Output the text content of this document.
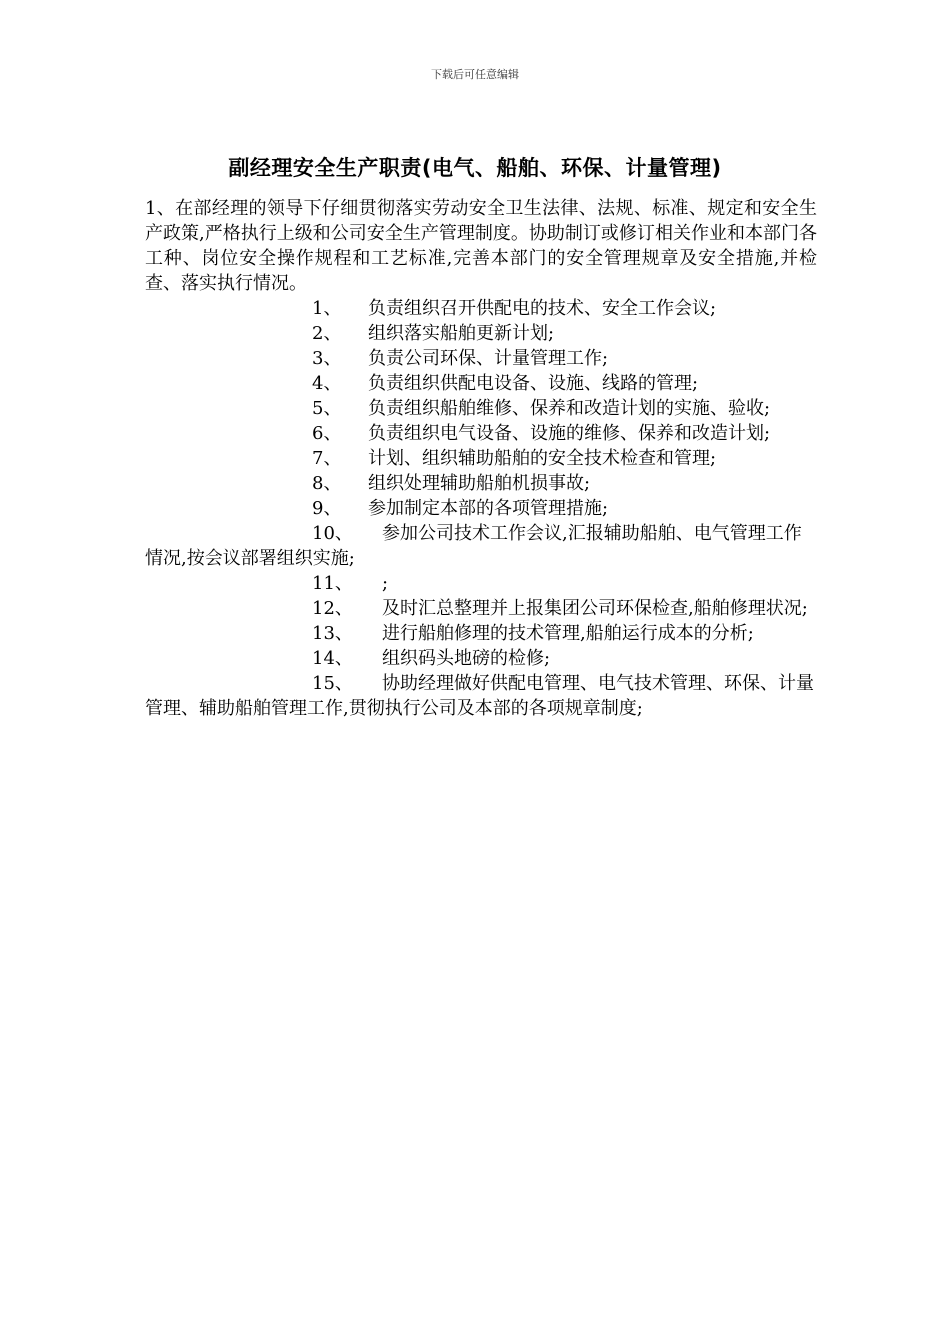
下载后可任意编辑
副经理安全生产职责(电气、船舶、环保、计量管理)

1、在部经理的领导下仔细贯彻落实劳动安全卫生法律、法规、标准、规定和安全生产政策,严格执行上级和公司安全生产管理制度。协助制订或修订相关作业和本部门各工种、岗位安全操作规程和工艺标准,完善本部门的安全管理规章及安全措施,并检查、落实执行情况。

1、 负责组织召开供配电的技术、安全工作会议;

2、 组织落实船舶更新计划;

3、 负责公司环保、计量管理工作;

4、 负责组织供配电设备、设施、线路的管理;

5、 负责组织船舶维修、保养和改造计划的实施、验收;

6、 负责组织电气设备、设施的维修、保养和改造计划;

7、 计划、组织辅助船舶的安全技术检查和管理;

8、 组织处理辅助船舶机损事故;

9、 参加制定本部的各项管理措施;

10、 参加公司技术工作会议,汇报辅助船舶、电气管理工作情况,按会议部署组织实施;

11、 ;

12、 及时汇总整理并上报集团公司环保检查,船舶修理状况;

13、 进行船舶修理的技术管理,船舶运行成本的分析;

14、 组织码头地磅的检修;

15、 协助经理做好供配电管理、电气技术管理、环保、计量管理、辅助船舶管理工作,贯彻执行公司及本部的各项规章制度;
